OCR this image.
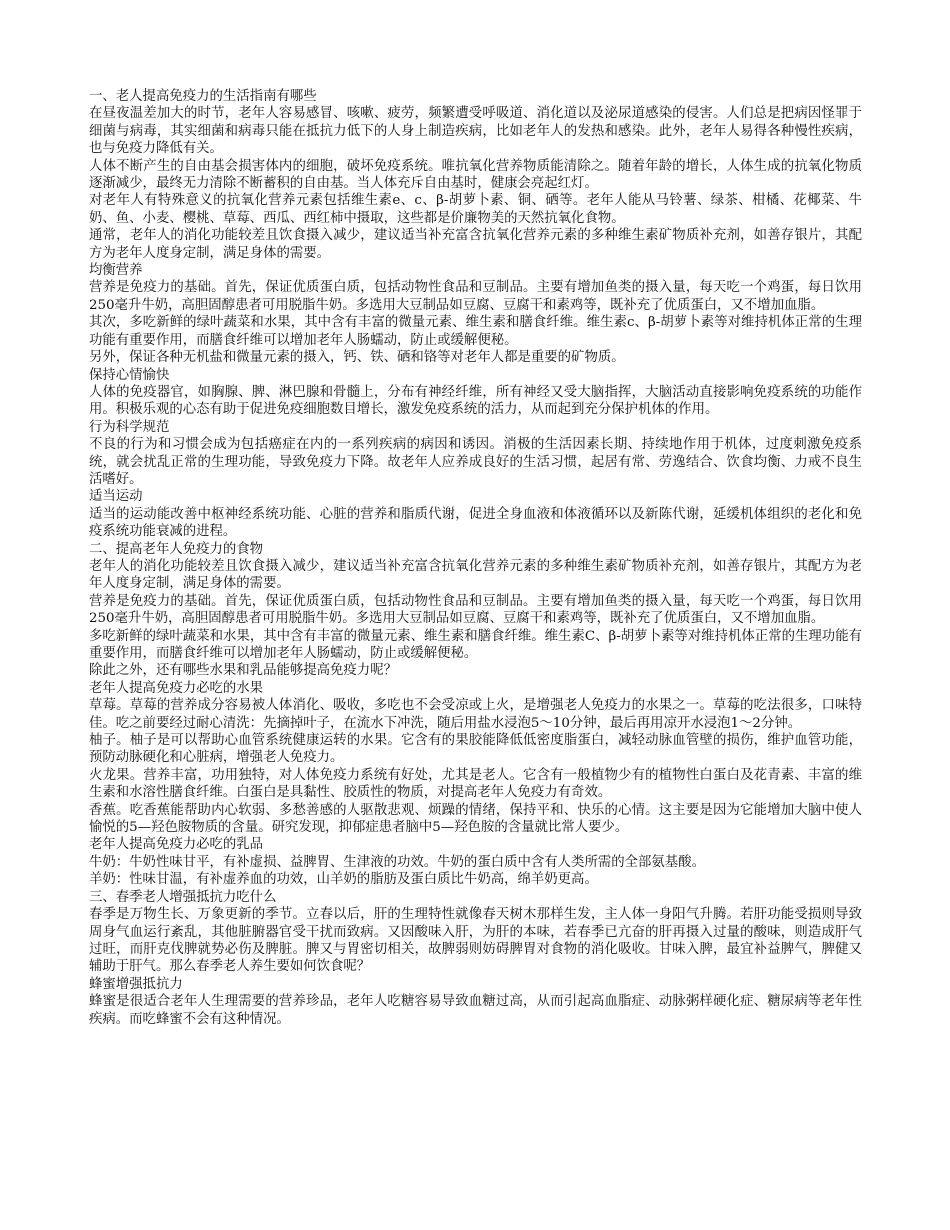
一、老人提高免疫力的生活指南有哪些

在昼夜温差加大的时节，老年人容易感冒、咳嗽、疲劳，频繁遭受呼吸道、消化道以及泌尿道感染的侵害。人们总是把病因怪罪于细菌与病毒，其实细菌和病毒只能在抵抗力低下的人身上制造疾病，比如老年人的发热和感染。此外，老年人易得各种慢性疾病，也与免疫力降低有关。

人体不断产生的自由基会损害体内的细胞，破坏免疫系统。唯抗氧化营养物质能清除之。随着年龄的增长，人体生成的抗氧化物质逐渐减少，最终无力清除不断蓄积的自由基。当人体充斥自由基时，健康会亮起红灯。

对老年人有特殊意义的抗氧化营养元素包括维生素e、c、β-胡萝卜素、铜、硒等。老年人能从马铃薯、绿茶、柑橘、花椰菜、牛奶、鱼、小麦、樱桃、草莓、西瓜、西红柿中摄取，这些都是价廉物美的天然抗氧化食物。

通常，老年人的消化功能较差且饮食摄入减少，建议适当补充富含抗氧化营养元素的多种维生素矿物质补充剂，如善存银片，其配方为老年人度身定制，满足身体的需要。

均衡营养

营养是免疫力的基础。首先，保证优质蛋白质，包括动物性食品和豆制品。主要有增加鱼类的摄入量，每天吃一个鸡蛋，每日饮用250毫升牛奶，高胆固醇患者可用脱脂牛奶。多选用大豆制品如豆腐、豆腐干和素鸡等，既补充了优质蛋白，又不增加血脂。

其次，多吃新鲜的绿叶蔬菜和水果，其中含有丰富的微量元素、维生素和膳食纤维。维生素c、β-胡萝卜素等对维持机体正常的生理功能有重要作用，而膳食纤维可以增加老年人肠蠕动，防止或缓解便秘。

另外，保证各种无机盐和微量元素的摄入，钙、铁、硒和铬等对老年人都是重要的矿物质。

保持心情愉快

人体的免疫器官，如胸腺、脾、淋巴腺和骨髓上，分布有神经纤维，所有神经又受大脑指挥，大脑活动直接影响免疫系统的功能作用。积极乐观的心态有助于促进免疫细胞数目增长，激发免疫系统的活力，从而起到充分保护机体的作用。

行为科学规范

不良的行为和习惯会成为包括癌症在内的一系列疾病的病因和诱因。消极的生活因素长期、持续地作用于机体，过度刺激免疫系统，就会扰乱正常的生理功能，导致免疫力下降。故老年人应养成良好的生活习惯，起居有常、劳逸结合、饮食均衡、力戒不良生活嗜好。

适当运动

适当的运动能改善中枢神经系统功能、心脏的营养和脂质代谢，促进全身血液和体液循环以及新陈代谢，延缓机体组织的老化和免疫系统功能衰减的进程。

二、提高老年人免疫力的食物

老年人的消化功能较差且饮食摄入减少，建议适当补充富含抗氧化营养元素的多种维生素矿物质补充剂，如善存银片，其配方为老年人度身定制，满足身体的需要。

营养是免疫力的基础。首先，保证优质蛋白质，包括动物性食品和豆制品。主要有增加鱼类的摄入量，每天吃一个鸡蛋，每日饮用250毫升牛奶，高胆固醇患者可用脱脂牛奶。多选用大豆制品如豆腐、豆腐干和素鸡等，既补充了优质蛋白，又不增加血脂。

多吃新鲜的绿叶蔬菜和水果，其中含有丰富的微量元素、维生素和膳食纤维。维生素C、β-胡萝卜素等对维持机体正常的生理功能有重要作用，而膳食纤维可以增加老年人肠蠕动，防止或缓解便秘。

除此之外，还有哪些水果和乳品能够提高免疫力呢？

老年人提高免疫力必吃的水果

草莓。草莓的营养成分容易被人体消化、吸收，多吃也不会受凉或上火，是增强老人免疫力的水果之一。草莓的吃法很多，口味特佳。吃之前要经过耐心清洗：先摘掉叶子，在流水下冲洗，随后用盐水浸泡5～10分钟，最后再用凉开水浸泡1～2分钟。

柚子。柚子是可以帮助心血管系统健康运转的水果。它含有的果胶能降低低密度脂蛋白，减轻动脉血管壁的损伤，维护血管功能，预防动脉硬化和心脏病，增强老人免疫力。

火龙果。营养丰富，功用独特，对人体免疫力系统有好处，尤其是老人。它含有一般植物少有的植物性白蛋白及花青素、丰富的维生素和水溶性膳食纤维。白蛋白是具黏性、胶质性的物质，对提高老年人免疫力有奇效。

香蕉。吃香蕉能帮助内心软弱、多愁善感的人驱散悲观、烦躁的情绪，保持平和、快乐的心情。这主要是因为它能增加大脑中使人愉悦的5—羟色胺物质的含量。研究发现，抑郁症患者脑中5—羟色胺的含量就比常人要少。

老年人提高免疫力必吃的乳品

牛奶：牛奶性味甘平，有补虚损、益脾胃、生津液的功效。牛奶的蛋白质中含有人类所需的全部氨基酸。

羊奶：性味甘温，有补虚养血的功效，山羊奶的脂肪及蛋白质比牛奶高，绵羊奶更高。

三、春季老人增强抵抗力吃什么

春季是万物生长、万象更新的季节。立春以后，肝的生理特性就像春天树木那样生发，主人体一身阳气升腾。若肝功能受损则导致周身气血运行紊乱，其他脏腑器官受干扰而致病。又因酸味入肝，为肝的本味，若春季已亢奋的肝再摄入过量的酸味，则造成肝气过旺，而肝克伐脾就势必伤及脾脏。脾又与胃密切相关，故脾弱则妨碍脾胃对食物的消化吸收。甘味入脾，最宜补益脾气，脾健又辅助于肝气。那么春季老人养生要如何饮食呢？

蜂蜜增强抵抗力

蜂蜜是很适合老年人生理需要的营养珍品，老年人吃糖容易导致血糖过高，从而引起高血脂症、动脉粥样硬化症、糖尿病等老年性疾病。而吃蜂蜜不会有这种情况。
